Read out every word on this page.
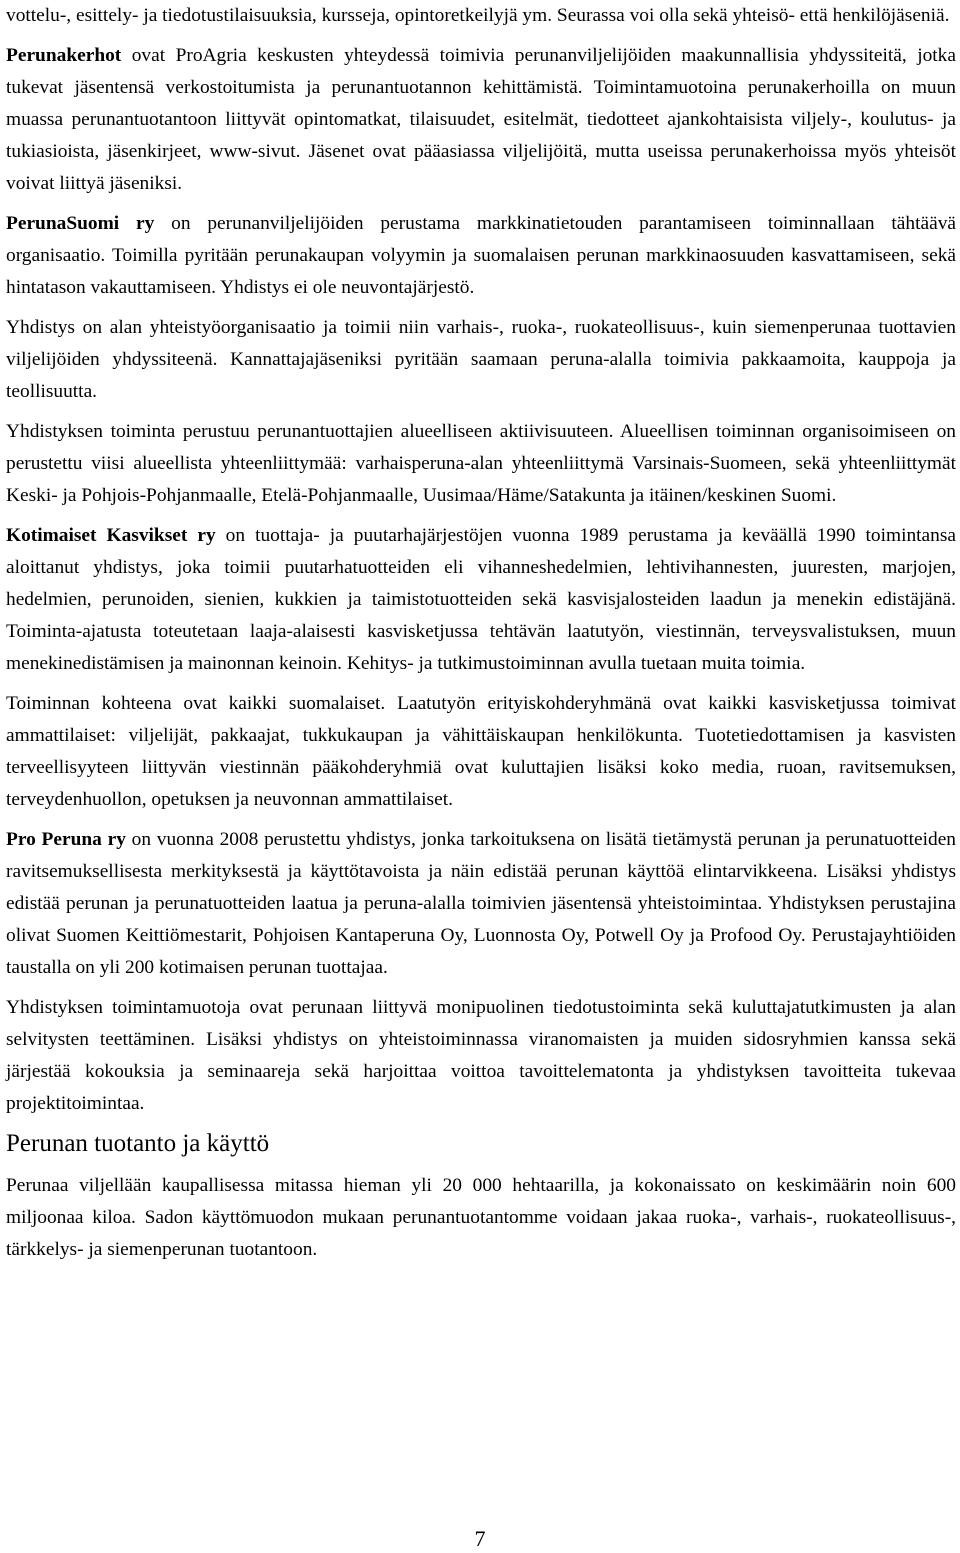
vottelu-, esittely- ja tiedotustilaisuuksia, kursseja, opintoretkeilyjä ym. Seurassa voi olla sekä yhteisö- että henkilöjäseniä.

Perunakerhot ovat ProAgria keskusten yhteydessä toimivia perunanviljelijöiden maakunnallisia yhdyssiteitä, jotka tukevat jäsentensä verkostoitumista ja perunantuotannon kehittämistä. Toimintamuotoina perunakerhoilla on muun muassa perunantuotantoon liittyvät opintomatkat, tilaisuudet, esitelmät, tiedotteet ajankohtaisista viljely-, koulutus- ja tukiasioista, jäsenkirjeet, www-sivut. Jäsenet ovat pääasiassa viljelijöitä, mutta useissa perunakerhoissa myös yhteisöt voivat liittyä jäseniksi.

PerunaSuomi ry on perunanviljelijöiden perustama markkinatietouden parantamiseen toiminnallaan tähtäävä organisaatio. Toimilla pyritään perunakaupan volyymin ja suomalaisen perunan markkinaosuuden kasvattamiseen, sekä hintatason vakauttamiseen. Yhdistys ei ole neuvontajärjestö.

Yhdistys on alan yhteistyöorganisaatio ja toimii niin varhais-, ruoka-, ruokateollisuus-, kuin siemenperunaa tuottavien viljelijöiden yhdyssiteenä. Kannattajajäseniksi pyritään saamaan peruna-alalla toimivia pakkaamoita, kauppoja ja teollisuutta.

Yhdistyksen toiminta perustuu perunantuottajien alueelliseen aktiivisuuteen. Alueellisen toiminnan organisoimiseen on perustettu viisi alueellista yhteenliittymää: varhaisperuna-alan yhteenliittymä Varsinais-Suomeen, sekä yhteenliittymät Keski- ja Pohjois-Pohjanmaalle, Etelä-Pohjanmaalle, Uusimaa/Häme/Satakunta ja itäinen/keskinen Suomi.

Kotimaiset Kasvikset ry on tuottaja- ja puutarhajärjestöjen vuonna 1989 perustama ja keväällä 1990 toimintansa aloittanut yhdistys, joka toimii puutarhatuotteiden eli vihanneshedelmien, lehtivihannesten, juuresten, marjojen, hedelmien, perunoiden, sienien, kukkien ja taimistotuotteiden sekä kasvisjalosteiden laadun ja menekin edistäjänä. Toiminta-ajatusta toteutetaan laaja-alaisesti kasvisketjussa tehtävän laatutyön, viestinnän, terveysvalistuksen, muun menekinedistämisen ja mainonnan keinoin. Kehitys- ja tutkimustoiminnan avulla tuetaan muita toimia.

Toiminnan kohteena ovat kaikki suomalaiset. Laatutyön erityiskohderyhmänä ovat kaikki kasvisketjussa toimivat ammattilaiset: viljelijät, pakkaajat, tukkukaupan ja vähittäiskaupan henkilökunta. Tuotetiedottamisen ja kasvisten terveellisyyteen liittyvän viestinnän pääkohderyhmiä ovat kuluttajien lisäksi koko media, ruoan, ravitsemuksen, terveydenhuollon, opetuksen ja neuvonnan ammattilaiset.

Pro Peruna ry on vuonna 2008 perustettu yhdistys, jonka tarkoituksena on lisätä tietämystä perunan ja perunatuotteiden ravitsemuksellisesta merkityksestä ja käyttötavoista ja näin edistää perunan käyttöä elintarvikkeena. Lisäksi yhdistys edistää perunan ja perunatuotteiden laatua ja peruna-alalla toimivien jäsentensä yhteistoimintaa. Yhdistyksen perustajina olivat Suomen Keittiömestarit, Pohjoisen Kantaperuna Oy, Luonnosta Oy, Potwell Oy ja Profood Oy. Perustajayhtiöiden taustalla on yli 200 kotimaisen perunan tuottajaa.

Yhdistyksen toimintamuotoja ovat perunaan liittyvä monipuolinen tiedotustoiminta sekä kuluttajatutkimusten ja alan selvitysten teettäminen. Lisäksi yhdistys on yhteistoiminnassa viranomaisten ja muiden sidosryhmien kanssa sekä järjestää kokouksia ja seminaareja sekä harjoittaa voittoa tavoittelematonta ja yhdistyksen tavoitteita tukevaa projektitoimintaa.

Perunan tuotanto ja käyttö

Perunaa viljellään kaupallisessa mitassa hieman yli 20 000 hehtaarilla, ja kokonaissato on keskimäärin noin 600 miljoonaa kiloa. Sadon käyttömuodon mukaan perunantuotantomme voidaan jakaa ruoka-, varhais-, ruokateollisuus-, tärkkelys- ja siemenperunan tuotantoon.

7
